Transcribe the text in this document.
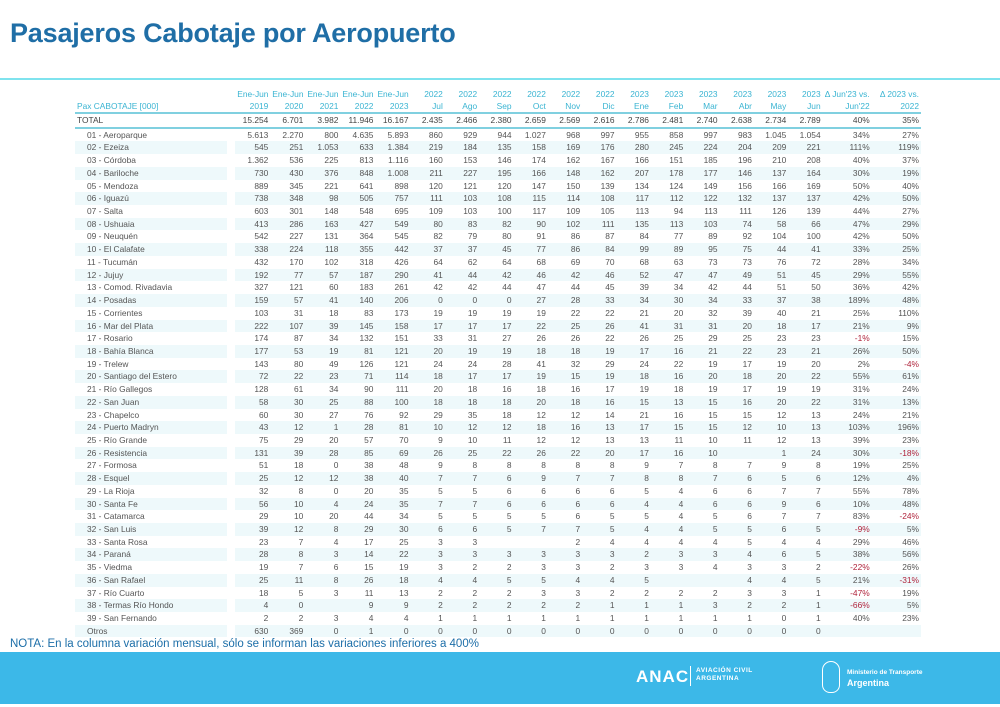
Pasajeros Cabotaje por Aeropuerto
		Ene-Jun	Ene-Jun	Ene-Jun	Ene-Jun	Ene-Jun	2022	2022	2022	2022	2022	2022	2023	2023	2023	2023	2023	2023	Δ Jun'23 vs.	Δ 2023 vs.
Pax CABOTAJE [000]		2019	2020	2021	2022	2023	Jul	Ago	Sep	Oct	Nov	Dic	Ene	Feb	Mar	Abr	May	Jun	Jun'22	2022
TOTAL		15.254	6.701	3.982	11.946	16.167	2.435	2.466	2.380	2.659	2.569	2.616	2.786	2.481	2.740	2.638	2.734	2.789	40%	35%
01 - Aeroparque		5.613	2.270	800	4.635	5.893	860	929	944	1.027	968	997	955	858	997	983	1.045	1.054	34%	27%
02 - Ezeiza		545	251	1.053	633	1.384	219	184	135	158	169	176	280	245	224	204	209	221	111%	119%
03 - Córdoba		1.362	536	225	813	1.116	160	153	146	174	162	167	166	151	185	196	210	208	40%	37%
04 - Bariloche		730	430	376	848	1.008	211	227	195	166	148	162	207	178	177	146	137	164	30%	19%
05 - Mendoza		889	345	221	641	898	120	121	120	147	150	139	134	124	149	156	166	169	50%	40%
06 - Iguazú		738	348	98	505	757	111	103	108	115	114	108	117	112	122	132	137	137	42%	50%
07 - Salta		603	301	148	548	695	109	103	100	117	109	105	113	94	113	111	126	139	44%	27%
08 - Ushuaia		413	286	163	427	549	80	83	82	90	102	111	135	113	103	74	58	66	47%	29%
09 - Neuquén		542	227	131	364	545	82	79	80	91	86	87	84	77	89	92	104	100	42%	50%
10 - El Calafate		338	224	118	355	442	37	37	45	77	86	84	99	89	95	75	44	41	33%	25%
11 - Tucumán		432	170	102	318	426	64	62	64	68	69	70	68	63	73	73	76	72	28%	34%
12 - Jujuy		192	77	57	187	290	41	44	42	46	42	46	52	47	47	49	51	45	29%	55%
13 - Comod. Rivadavia		327	121	60	183	261	42	42	44	47	44	45	39	34	42	44	51	50	36%	42%
14 - Posadas		159	57	41	140	206	0	0	0	27	28	33	34	30	34	33	37	38	189%	48%
15 - Corrientes		103	31	18	83	173	19	19	19	19	22	22	21	20	32	39	40	21	25%	110%
16 - Mar del Plata		222	107	39	145	158	17	17	17	22	25	26	41	31	31	20	18	17	21%	9%
17 - Rosario		174	87	34	132	151	33	31	27	26	26	22	26	25	29	25	23	23	-1%	15%
18 - Bahía Blanca		177	53	19	81	121	20	19	19	18	18	19	17	16	21	22	23	21	26%	50%
19 - Trelew		143	80	49	126	121	24	24	28	41	32	29	24	22	19	17	19	20	2%	-4%
20 - Santiago del Estero		72	22	23	71	114	18	17	17	19	15	19	18	16	20	18	20	22	55%	61%
21 - Río Gallegos		128	61	34	90	111	20	18	16	18	16	17	19	18	19	17	19	19	31%	24%
22 - San Juan		58	30	25	88	100	18	18	18	20	18	16	15	13	15	16	20	22	31%	13%
23 - Chapelco		60	30	27	76	92	29	35	18	12	12	14	21	16	15	15	12	13	24%	21%
24 - Puerto Madryn		43	12	1	28	81	10	12	12	18	16	13	17	15	15	12	10	13	103%	196%
25 - Río Grande		75	29	20	57	70	9	10	11	12	12	13	13	11	10	11	12	13	39%	23%
26 - Resistencia		131	39	28	85	69	26	25	22	26	22	20	17	16	10		1	24	30%	-18%
27 - Formosa		51	18	0	38	48	9	8	8	8	8	8	9	7	8	7	9	8	19%	25%
28 - Esquel		25	12	12	38	40	7	7	6	9	7	7	8	8	7	6	5	6	12%	4%
29 - La Rioja		32	8	0	20	35	5	5	6	6	6	6	5	4	6	6	7	7	55%	78%
30 - Santa Fe		56	10	4	24	35	7	7	6	6	6	6	4	4	6	6	9	6	10%	48%
31 - Catamarca		29	10	20	44	34	5	5	5	5	6	5	5	4	5	6	7	7	83%	-24%
32 - San Luis		39	12	8	29	30	6	6	5	7	7	5	4	4	5	5	6	5	-9%	5%
33 - Santa Rosa		23	7	4	17	25	3	3			2	4	4	4	4	5	4	4	29%	46%
34 - Paraná		28	8	3	14	22	3	3	3	3	3	3	2	3	3	4	6	5	38%	56%
35 - Viedma		19	7	6	15	19	3	2	2	3	3	2	3	3	4	3	3	2	-22%	26%
36 - San Rafael		25	11	8	26	18	4	4	5	5	4	4	5			4	4	5	21%	-31%
37 - Río Cuarto		18	5	3	11	13	2	2	2	3	3	2	2	2	2	3	3	1	-47%	19%
38 - Termas Río Hondo		4	0		9	9	2	2	2	2	2	1	1	1	3	2	2	1	-66%	5%
39 - San Fernando		2	2	3	4	4	1	1	1	1	1	1	1	1	1	1	0	1	40%	23%
Otros		630	369	0	1	0	0	0	0	0	0	0	0	0	0	0	0	0		
NOTA: En la columna variación mensual, sólo se informan las variaciones inferiores a 400%
ANAC AVIACIÓN CIVIL
ARGENTINA
Ministerio de Transporte
Argentina
